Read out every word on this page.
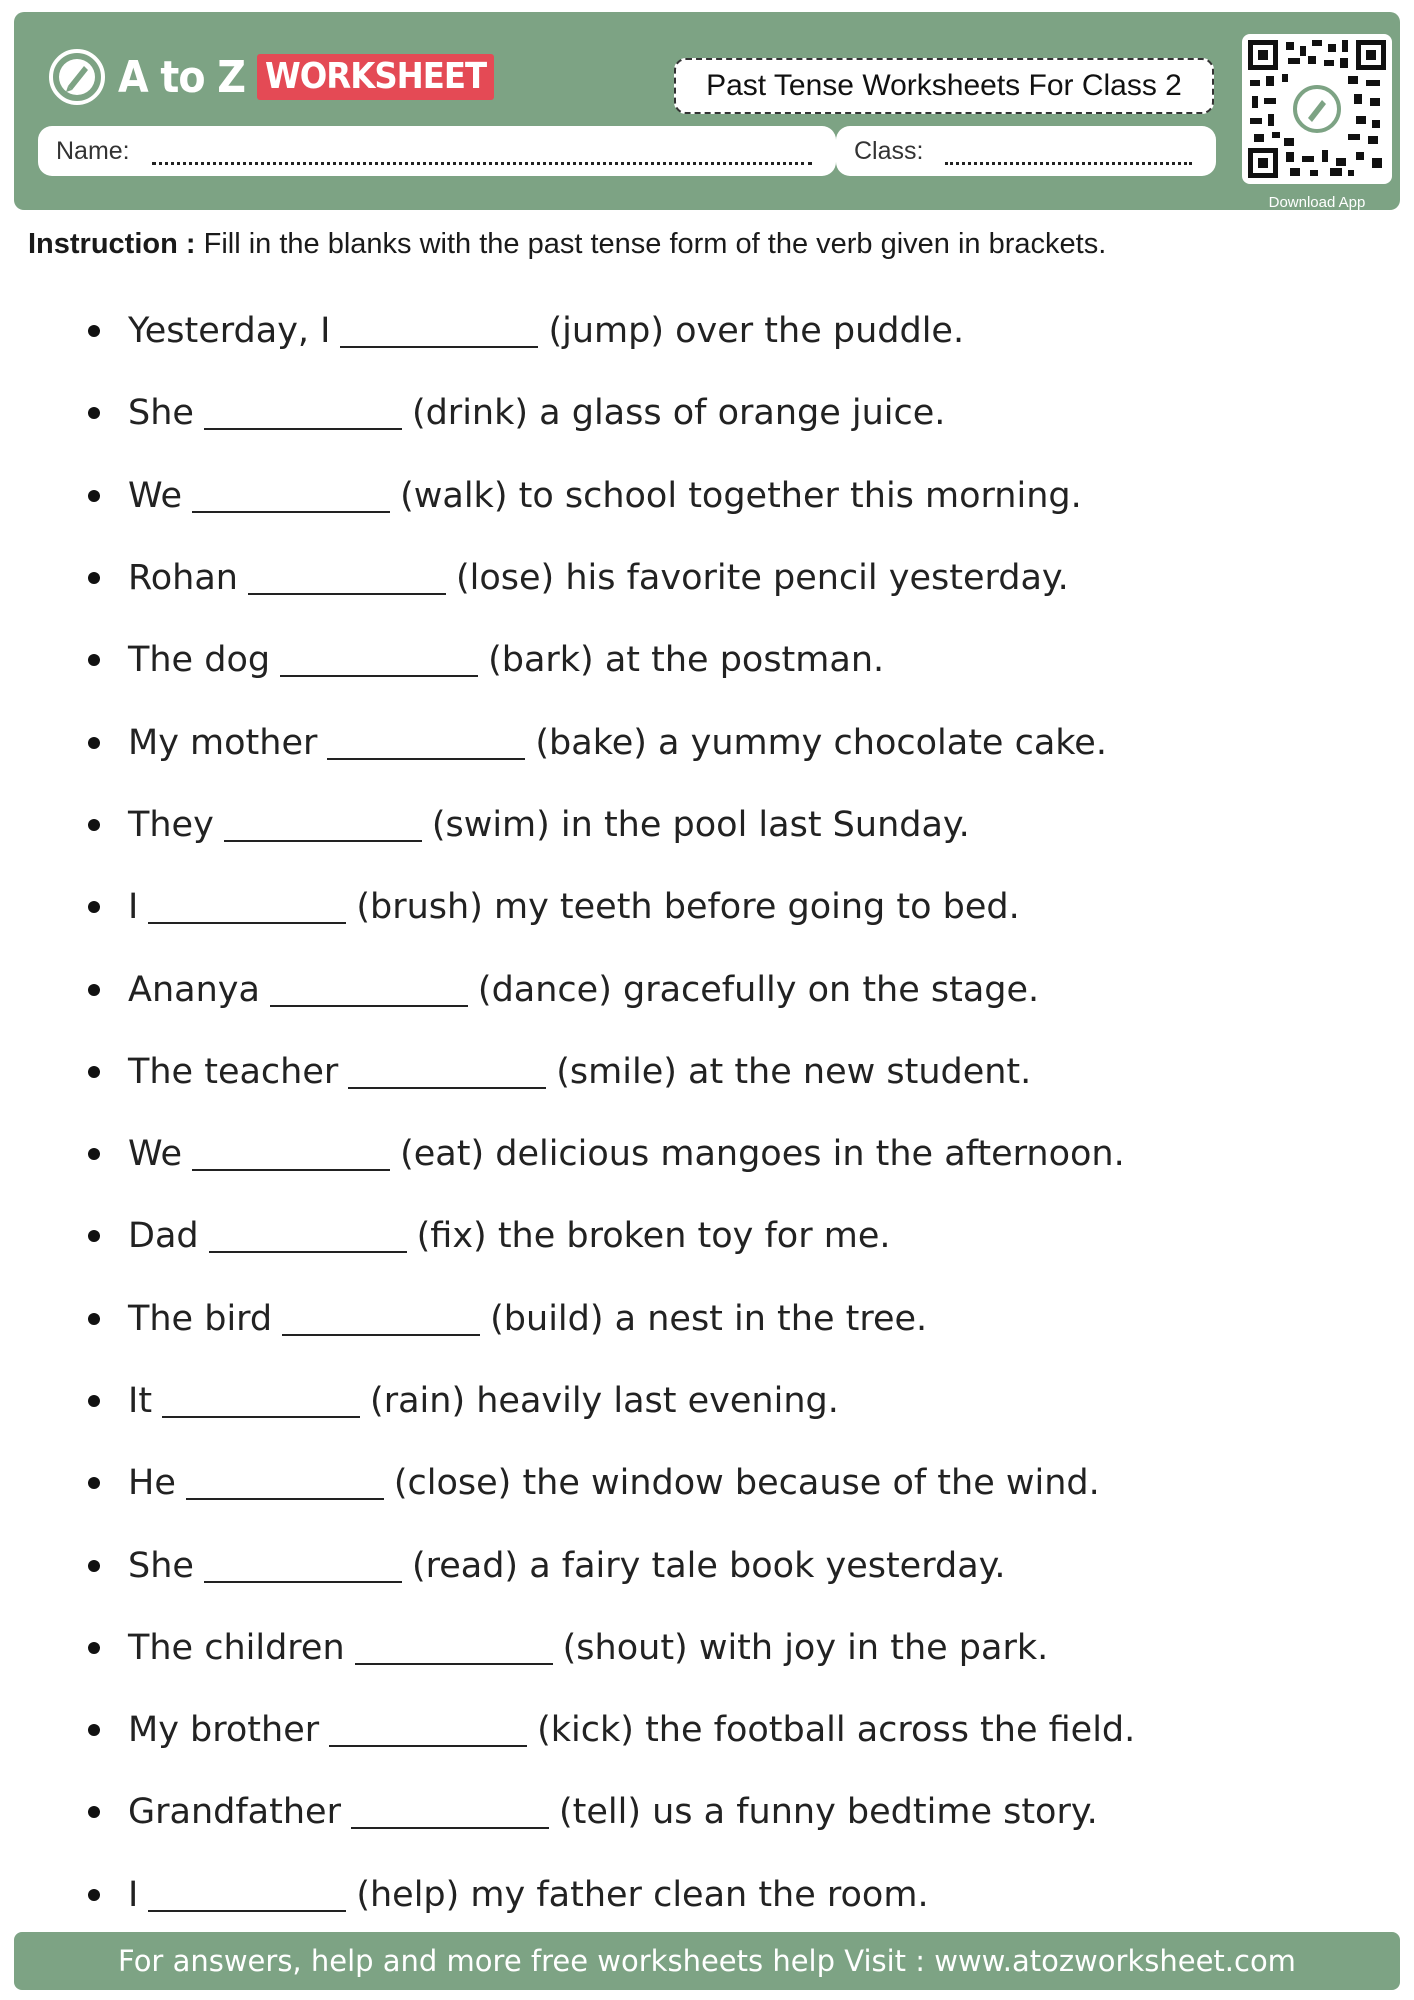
A to Z WORKSHEET	Past Tense Worksheets For Class 2
Name:	Class:
Download App
Instruction : Fill in the blanks with the past tense form of the verb given in brackets.
Yesterday, I	(jump) over the puddle.
She	(drink) a glass of orange juice.
We	(walk) to school together this morning.
Rohan	(lose) his favorite pencil yesterday.
The dog	(bark) at the postman.
My mother	(bake) a yummy chocolate cake.
They	(swim) in the pool last Sunday.
I	(brush) my teeth before going to bed.
Ananya	(dance) gracefully on the stage.
The teacher	(smile) at the new student.
We	(eat) delicious mangoes in the afternoon.
Dad	(fix) the broken toy for me.
The bird	(build) a nest in the tree.
It	(rain) heavily last evening.
He	(close) the window because of the wind.
She	(read) a fairy tale book yesterday.
The children	(shout) with joy in the park.
My brother	(kick) the football across the field.
Grandfather	(tell) us a funny bedtime story.
I	(help) my father clean the room.
For answers, help and more free worksheets help Visit : www.atozworksheet.com
